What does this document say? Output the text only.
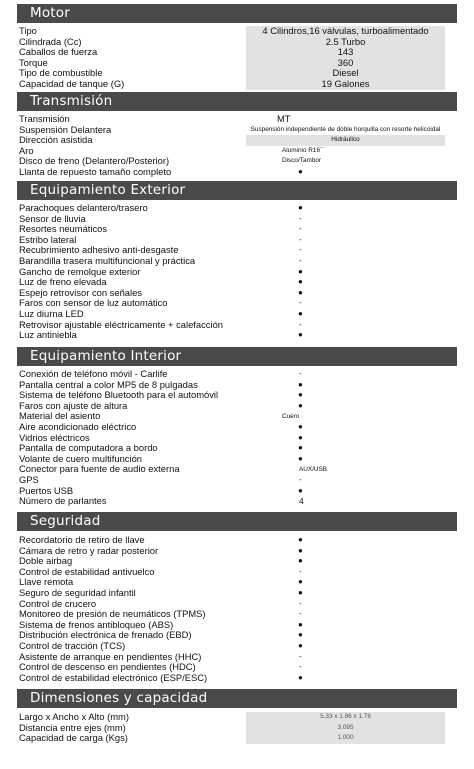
Motor
Tipo	4 Cilindros,16 válvulas, turboalimentado
Cilindrada (Cc)	2.5 Turbo
Caballos de fuerza	143
Torque	360
Tipo de combustible	Diesel
Capacidad de tanque (G)	19 Galones
Transmisión
Transmisión	MT
Suspensión Delantera	Suspensión independiente de doble horquilla con resorte helicoidal
Dirección asistida	Hidráulico
Aro	Aluminio R16´´
Disco de freno (Delantero/Posterior)	Disco/Tambor
Llanta de repuesto tamaño completo	●
Equipamiento Exterior
Parachoques delantero/trasero	●
Sensor de lluvia	-
Resortes neumáticos	-
Estribo lateral	-
Recubrimiento adhesivo anti-desgaste	-
Barandilla trasera multifuncional y práctica	-
Gancho de remolque exterior	●
Luz de freno elevada	●
Espejo retrovisor con señales	●
Faros con sensor de luz automático	-
Luz diurna LED	●
Retrovisor ajustable eléctricamente + calefacción	-
Luz antiniebla	●
Equipamiento Interior
Conexión de teléfono móvil - Carlife	-
Pantalla central a color MP5 de 8 pulgadas	●
Sistema de teléfono Bluetooth para el automóvil	●
Faros con ajuste de altura	●
Material del asiento	Cuero
Aire acondicionado eléctrico	●
Vidrios eléctricos	●
Pantalla de computadora a bordo	●
Volante de cuero multifunción	●
Conector para fuente de audio externa	AUX/USB
GPS	-
Puertos USB	●
Número de parlantes	4
Seguridad
Recordatorio de retiro de llave	●
Cámara de retro y radar posterior	●
Doble airbag	●
Control de estabilidad antivuelco	-
Llave remota	●
Seguro de seguridad infantil	●
Control de crucero	-
Monitoreo de presión de neumáticos (TPMS)	-
Sistema de frenos antibloqueo (ABS)	●
Distribución electrónica de frenado (EBD)	●
Control de tracción (TCS)	●
Asistente de arranque en pendientes (HHC)	-
Control de descenso en pendientes (HDC)	-
Control de estabilidad electrónico (ESP/ESC)	●
Dimensiones y capacidad
Largo x Ancho x Alto (mm)	5.33 x 1.86 x 1.78
Distancia entre ejes (mm)	3.095
Capacidad de carga (Kgs)	1.000
